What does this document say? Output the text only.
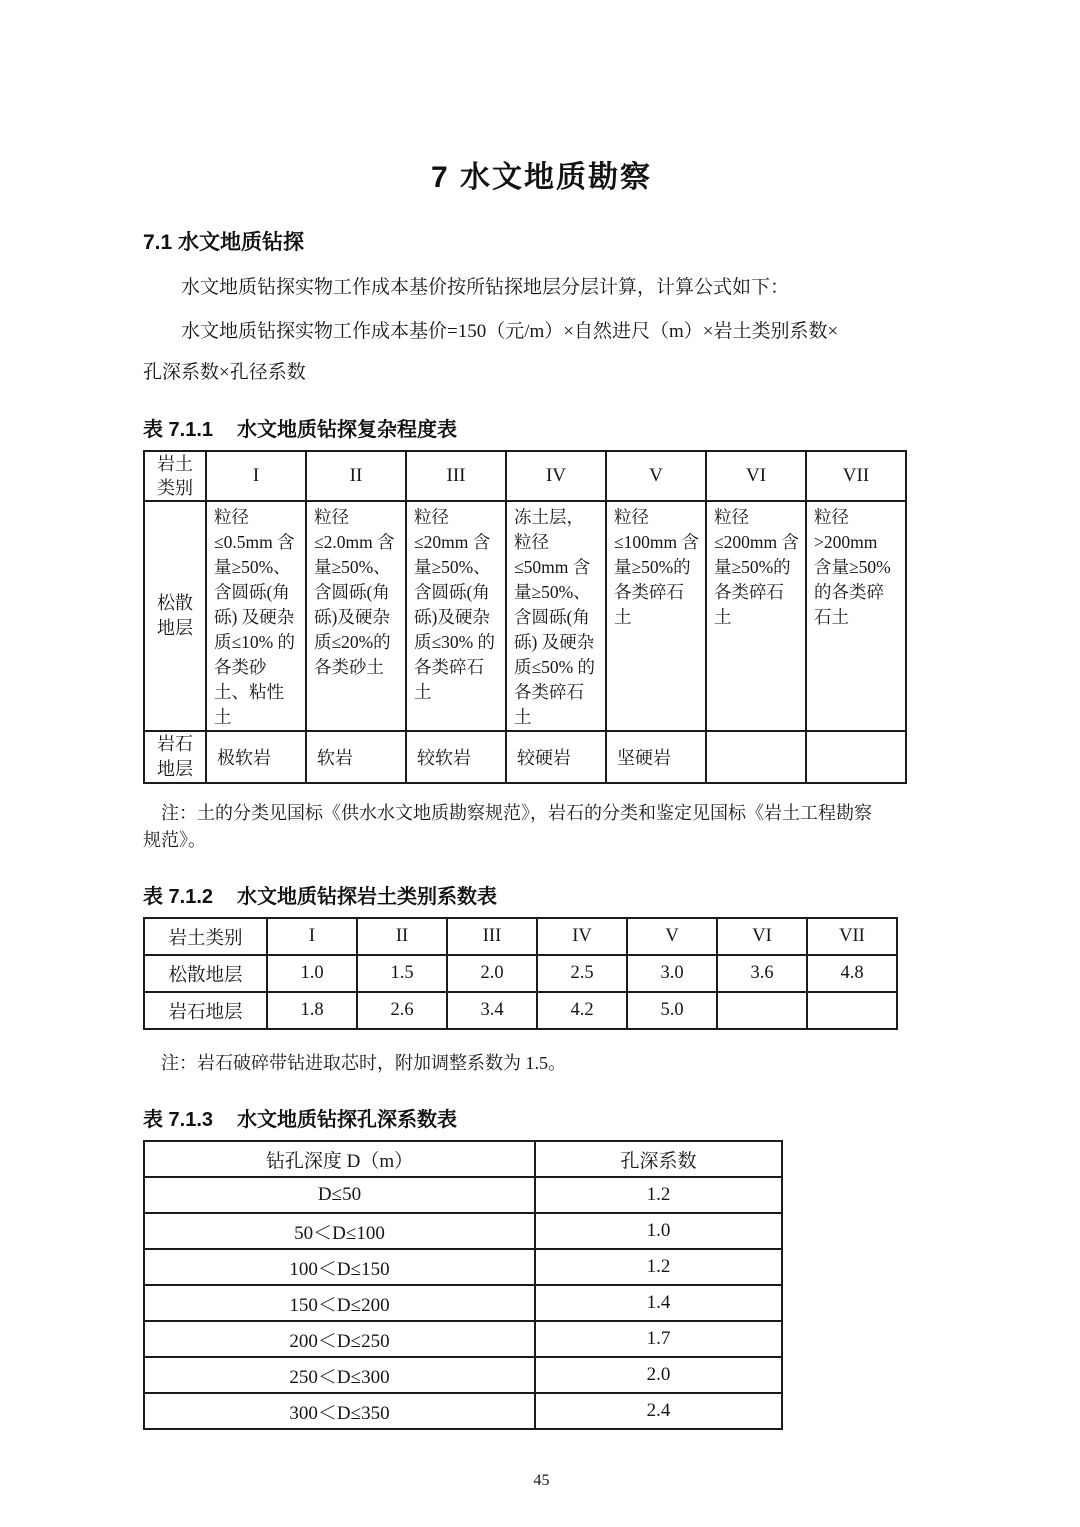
7 水文地质勘察
7.1 水文地质钻探

水文地质钻探实物工作成本基价按所钻探地层分层计算，计算公式如下：

水文地质钻探实物工作成本基价=150（元/m）×自然进尺（m）×岩土类别系数×
孔深系数×孔径系数
表 7.1.1 水文地质钻探复杂程度表
岩土类别	I	II	III	IV	V	VI	VII
松散地层	粒径≤0.5mm 含量≥50%、含圆砾(角砾) 及硬杂质≤10% 的各类砂土、粘性土	粒径≤2.0mm 含量≥50%、含圆砾(角砾)及硬杂质≤20%的各类砂土	粒径≤20mm 含量≥50%、含圆砾(角砾)及硬杂质≤30% 的各类碎石土	冻土层，粒径≤50mm 含量≥50%、含圆砾(角砾) 及硬杂质≤50% 的各类碎石土	粒径≤100mm 含量≥50%的各类碎石土	粒径≤200mm 含量≥50%的各类碎石土	粒径>200mm 含量≥50%的各类碎石土
岩石地层	极软岩	软岩	较软岩	较硬岩	坚硬岩		

注：土的分类见国标《供水水文地质勘察规范》，岩石的分类和鉴定见国标《岩土工程勘察

规范》。

表 7.1.2 水文地质钻探岩土类别系数表
岩土类别	I	II	III	IV	V	VI	VII
松散地层	1.0	1.5	2.0	2.5	3.0	3.6	4.8
岩石地层	1.8	2.6	3.4	4.2	5.0		

注：岩石破碎带钻进取芯时，附加调整系数为 1.5。

表 7.1.3 水文地质钻探孔深系数表
钻孔深度 D（m）	孔深系数
D≤50	1.2
50＜D≤100	1.0
100＜D≤150	1.2
150＜D≤200	1.4
200＜D≤250	1.7
250＜D≤300	2.0
300＜D≤350	2.4
45
